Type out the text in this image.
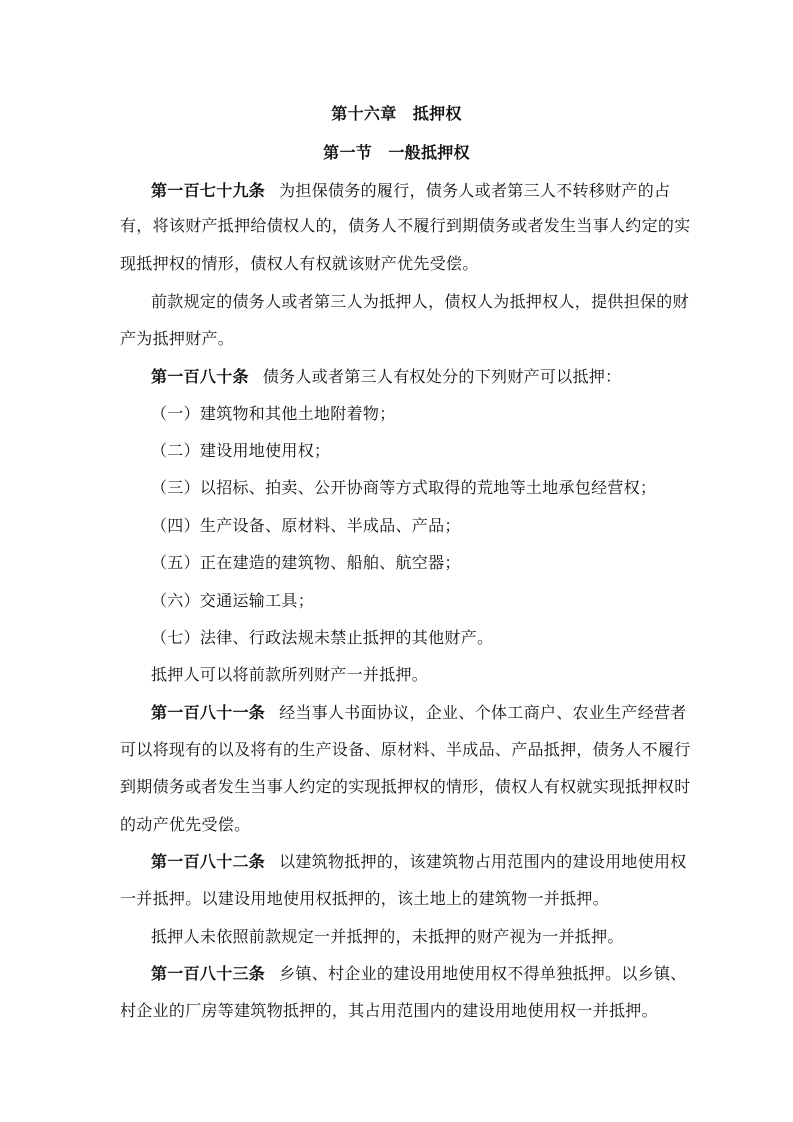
第十六章　抵押权
第一节　一般抵押权
第一百七十九条 为担保债务的履行，债务人或者第三人不转移财产的占
有，将该财产抵押给债权人的，债务人不履行到期债务或者发生当事人约定的实
现抵押权的情形，债权人有权就该财产优先受偿。
前款规定的债务人或者第三人为抵押人，债权人为抵押权人，提供担保的财
产为抵押财产。
第一百八十条 债务人或者第三人有权处分的下列财产可以抵押：
（一）建筑物和其他土地附着物；
（二）建设用地使用权；
（三）以招标、拍卖、公开协商等方式取得的荒地等土地承包经营权；
（四）生产设备、原材料、半成品、产品；
（五）正在建造的建筑物、船舶、航空器；
（六）交通运输工具；
（七）法律、行政法规未禁止抵押的其他财产。
抵押人可以将前款所列财产一并抵押。
第一百八十一条 经当事人书面协议，企业、个体工商户、农业生产经营者
可以将现有的以及将有的生产设备、原材料、半成品、产品抵押，债务人不履行
到期债务或者发生当事人约定的实现抵押权的情形，债权人有权就实现抵押权时
的动产优先受偿。
第一百八十二条 以建筑物抵押的，该建筑物占用范围内的建设用地使用权
一并抵押。以建设用地使用权抵押的，该土地上的建筑物一并抵押。
抵押人未依照前款规定一并抵押的，未抵押的财产视为一并抵押。
第一百八十三条 乡镇、村企业的建设用地使用权不得单独抵押。以乡镇、
村企业的厂房等建筑物抵押的，其占用范围内的建设用地使用权一并抵押。
